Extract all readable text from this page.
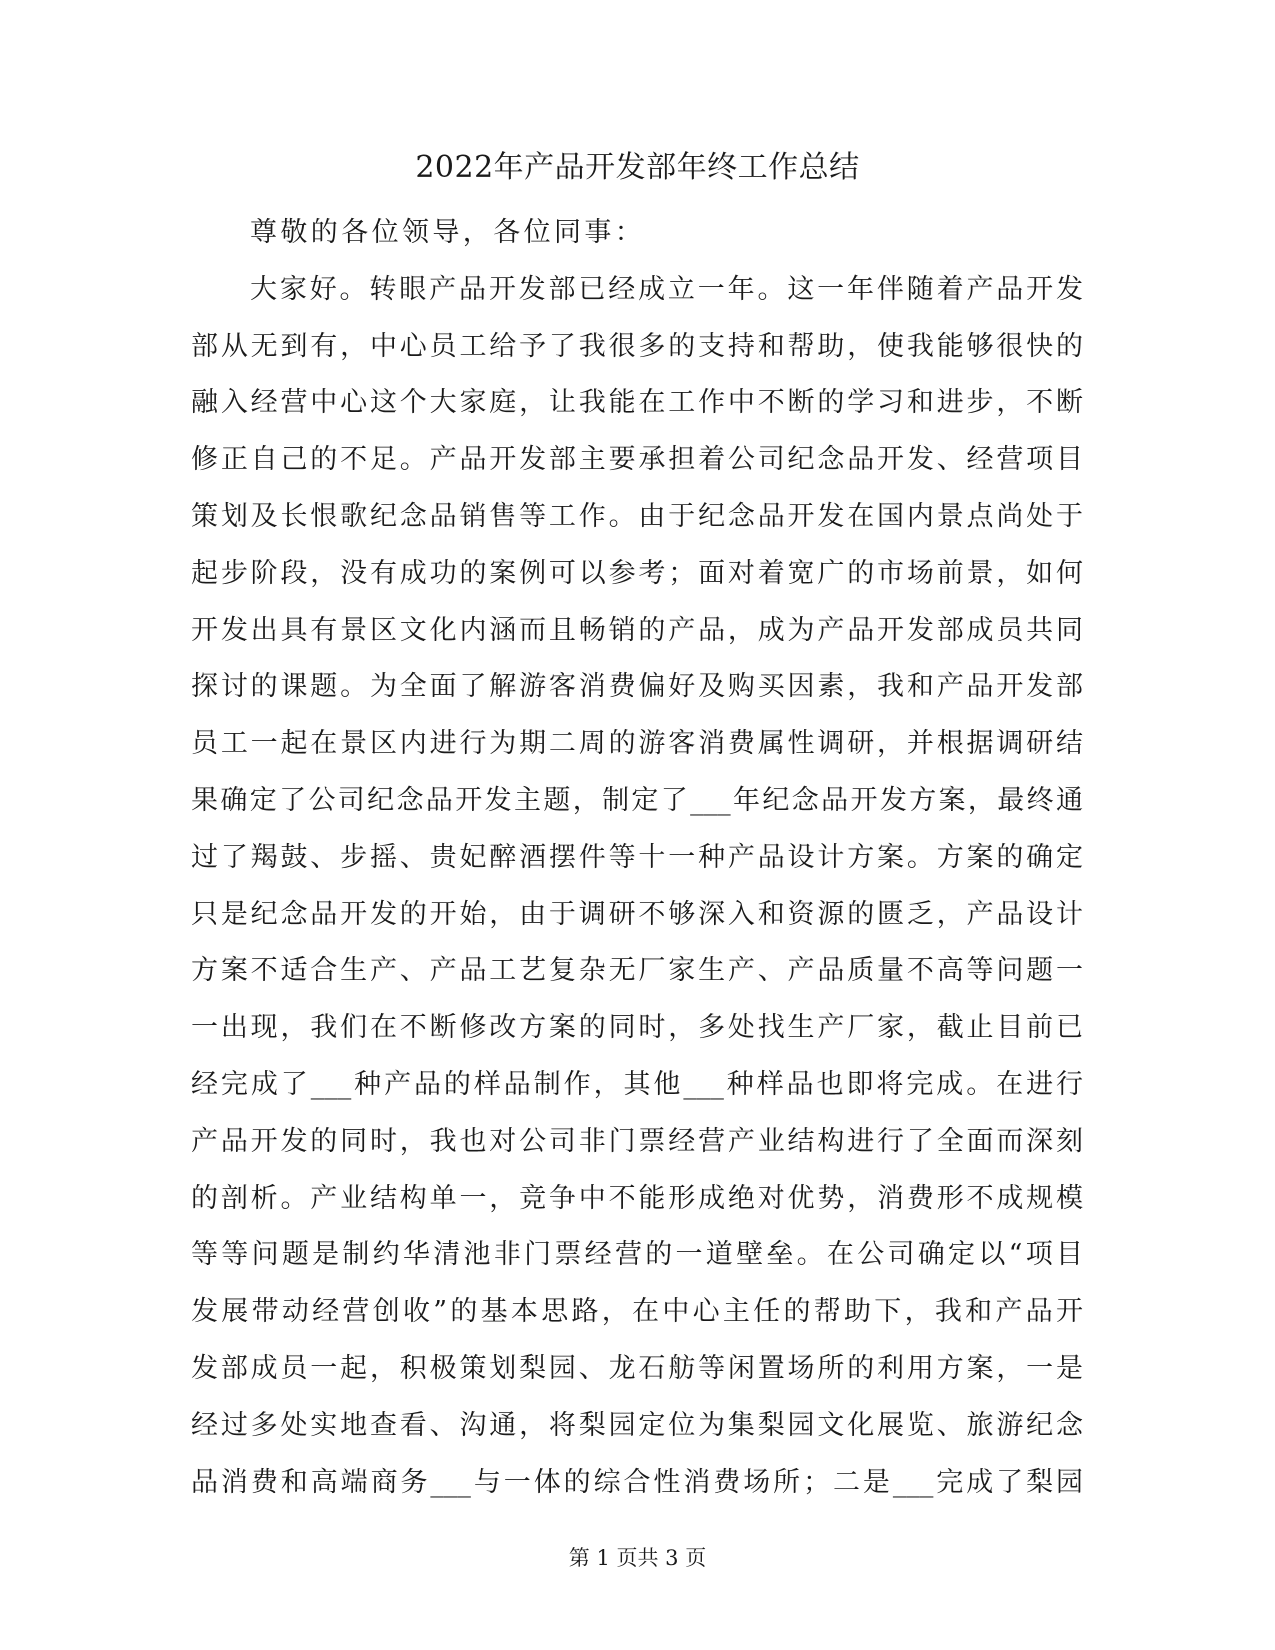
2022年产品开发部年终工作总结
尊敬的各位领导，各位同事：
大家好。转眼产品开发部已经成立一年。这一年伴随着产品开发
部从无到有，中心员工给予了我很多的支持和帮助，使我能够很快的
融入经营中心这个大家庭，让我能在工作中不断的学习和进步，不断
修正自己的不足。产品开发部主要承担着公司纪念品开发、经营项目
策划及长恨歌纪念品销售等工作。由于纪念品开发在国内景点尚处于
起步阶段，没有成功的案例可以参考；面对着宽广的市场前景，如何
开发出具有景区文化内涵而且畅销的产品，成为产品开发部成员共同
探讨的课题。为全面了解游客消费偏好及购买因素，我和产品开发部
员工一起在景区内进行为期二周的游客消费属性调研，并根据调研结
果确定了公司纪念品开发主题，制定了___年纪念品开发方案，最终通
过了羯鼓、步摇、贵妃醉酒摆件等十一种产品设计方案。方案的确定
只是纪念品开发的开始，由于调研不够深入和资源的匮乏，产品设计
方案不适合生产、产品工艺复杂无厂家生产、产品质量不高等问题一
一出现，我们在不断修改方案的同时，多处找生产厂家，截止目前已
经完成了___种产品的样品制作，其他___种样品也即将完成。在进行
产品开发的同时，我也对公司非门票经营产业结构进行了全面而深刻
的剖析。产业结构单一，竞争中不能形成绝对优势，消费形不成规模
等等问题是制约华清池非门票经营的一道壁垒。在公司确定以“项目
发展带动经营创收”的基本思路，在中心主任的帮助下，我和产品开
发部成员一起，积极策划梨园、龙石舫等闲置场所的利用方案，一是
经过多处实地查看、沟通，将梨园定位为集梨园文化展览、旅游纪念
品消费和高端商务___与一体的综合性消费场所；二是___完成了梨园
第 1 页共 3 页
